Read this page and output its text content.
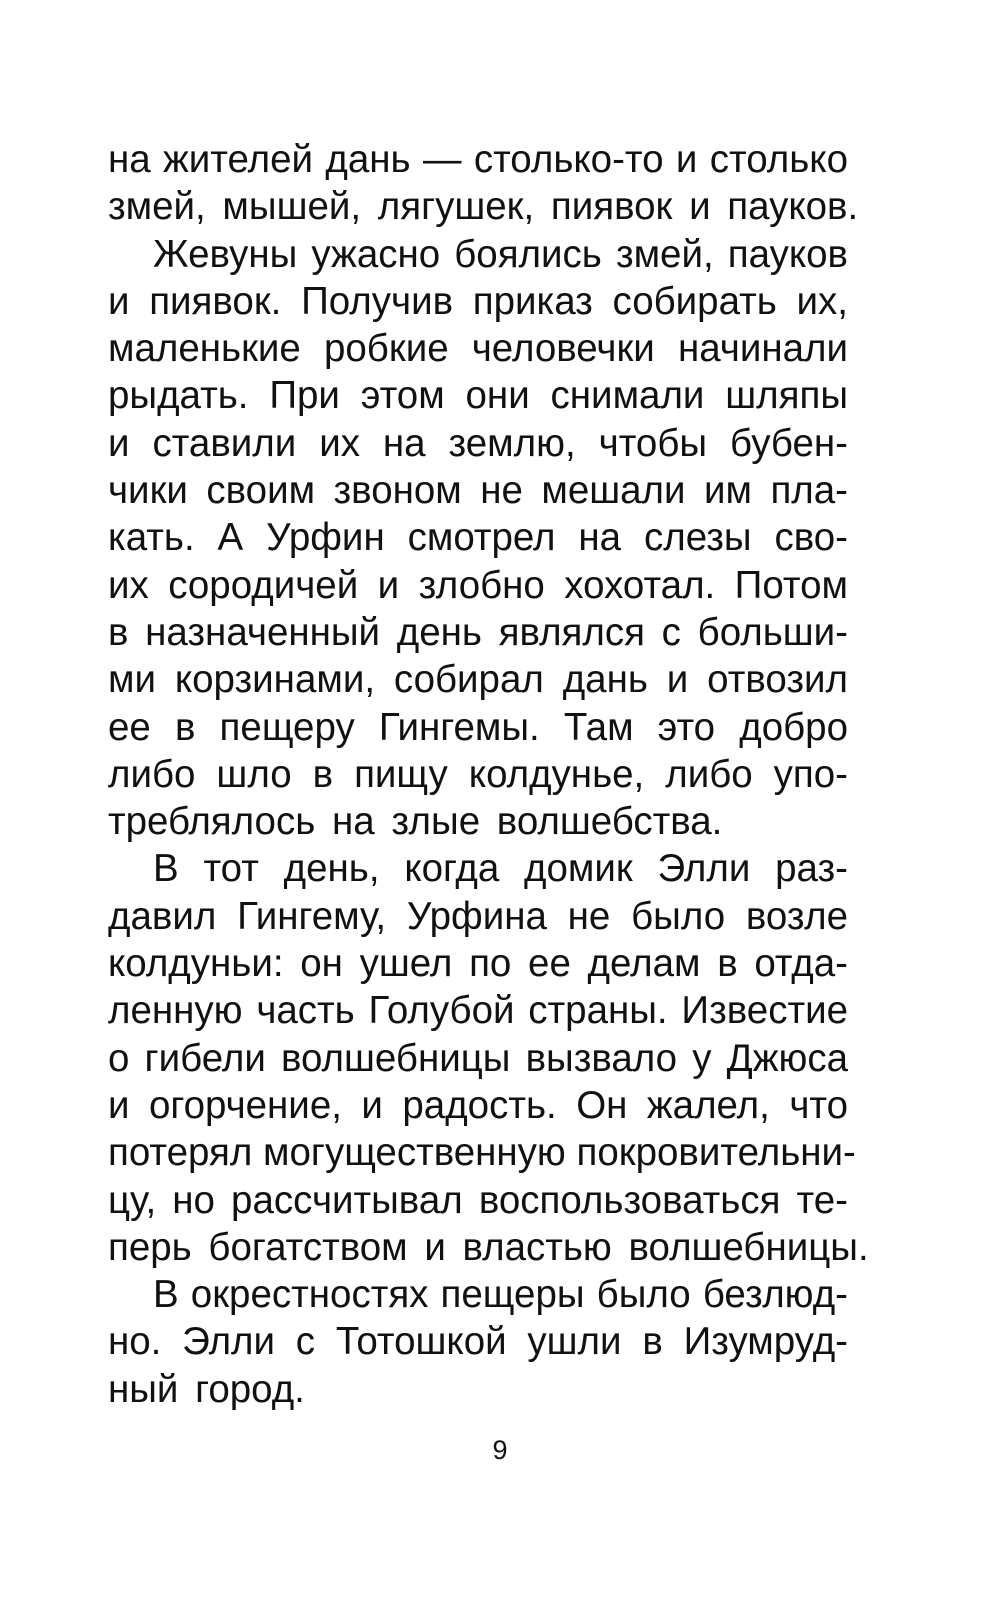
на жителей дань — столько-то и столько
змей, мышей, лягушек, пиявок и пауков.
Жевуны ужасно боялись змей, пауков
и пиявок. Получив приказ собирать их,
маленькие робкие человечки начинали
рыдать. При этом они снимали шляпы
и ставили их на землю, чтобы бубен-
чики своим звоном не мешали им пла-
кать. А Урфин смотрел на слезы сво-
их сородичей и злобно хохотал. Потом
в назначенный день являлся с больши-
ми корзинами, собирал дань и отвозил
ее в пещеру Гингемы. Там это добро
либо шло в пищу колдунье, либо упо-
треблялось на злые волшебства.
В тот день, когда домик Элли раз-
давил Гингему, Урфина не было возле
колдуньи: он ушел по ее делам в отда-
ленную часть Голубой страны. Известие
о гибели волшебницы вызвало у Джюса
и огорчение, и радость. Он жалел, что
потерял могущественную покровительни-
цу, но рассчитывал воспользоваться те-
перь богатством и властью волшебницы.
В окрестностях пещеры было безлюд-
но. Элли с Тотошкой ушли в Изумруд-
ный город.
9
